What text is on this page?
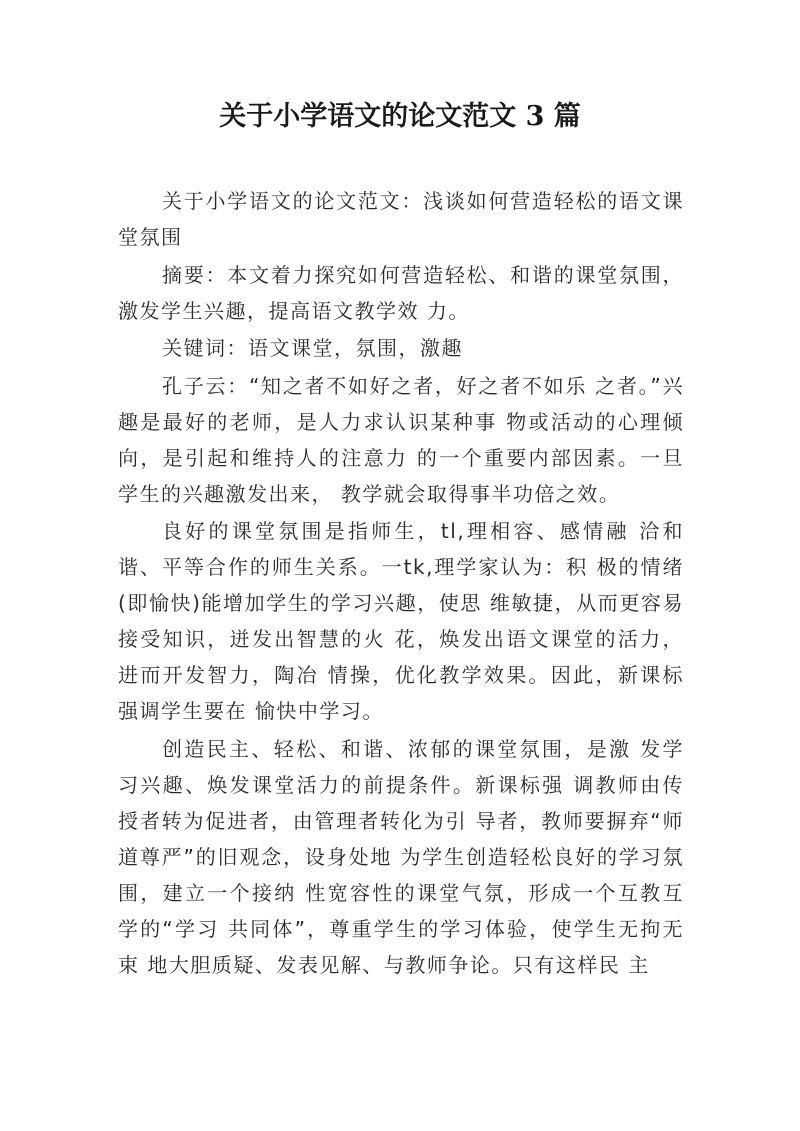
关于小学语文的论文范文 3 篇

关于小学语文的论文范文：浅谈如何营造轻松的语文课堂氛围

摘要：本文着力探究如何营造轻松、和谐的课堂氛围，激发学生兴趣，提高语文教学效 力。

关键词：语文课堂，氛围，激趣

孔子云：“知之者不如好之者，好之者不如乐 之者。”兴趣是最好的老师，是人力求认识某种事 物或活动的心理倾向，是引起和维持人的注意力 的一个重要内部因素。一旦学生的兴趣激发出来， 教学就会取得事半功倍之效。

良好的课堂氛围是指师生，tl,理相容、感情融 洽和谐、平等合作的师生关系。一tk,理学家认为：积 极的情绪(即愉快)能增加学生的学习兴趣，使思 维敏捷，从而更容易接受知识，迸发出智慧的火 花，焕发出语文课堂的活力，进而开发智力，陶冶 情操，优化教学效果。因此，新课标强调学生要在 愉快中学习。

创造民主、轻松、和谐、浓郁的课堂氛围，是激 发学习兴趣、焕发课堂活力的前提条件。新课标强 调教师由传授者转为促进者，由管理者转化为引 导者，教师要摒弃“师道尊严”的旧观念，设身处地 为学生创造轻松良好的学习氛围，建立一个接纳 性宽容性的课堂气氛，形成一个互教互学的“学习 共同体”，尊重学生的学习体验，使学生无拘无束 地大胆质疑、发表见解、与教师争论。只有这样民 主
